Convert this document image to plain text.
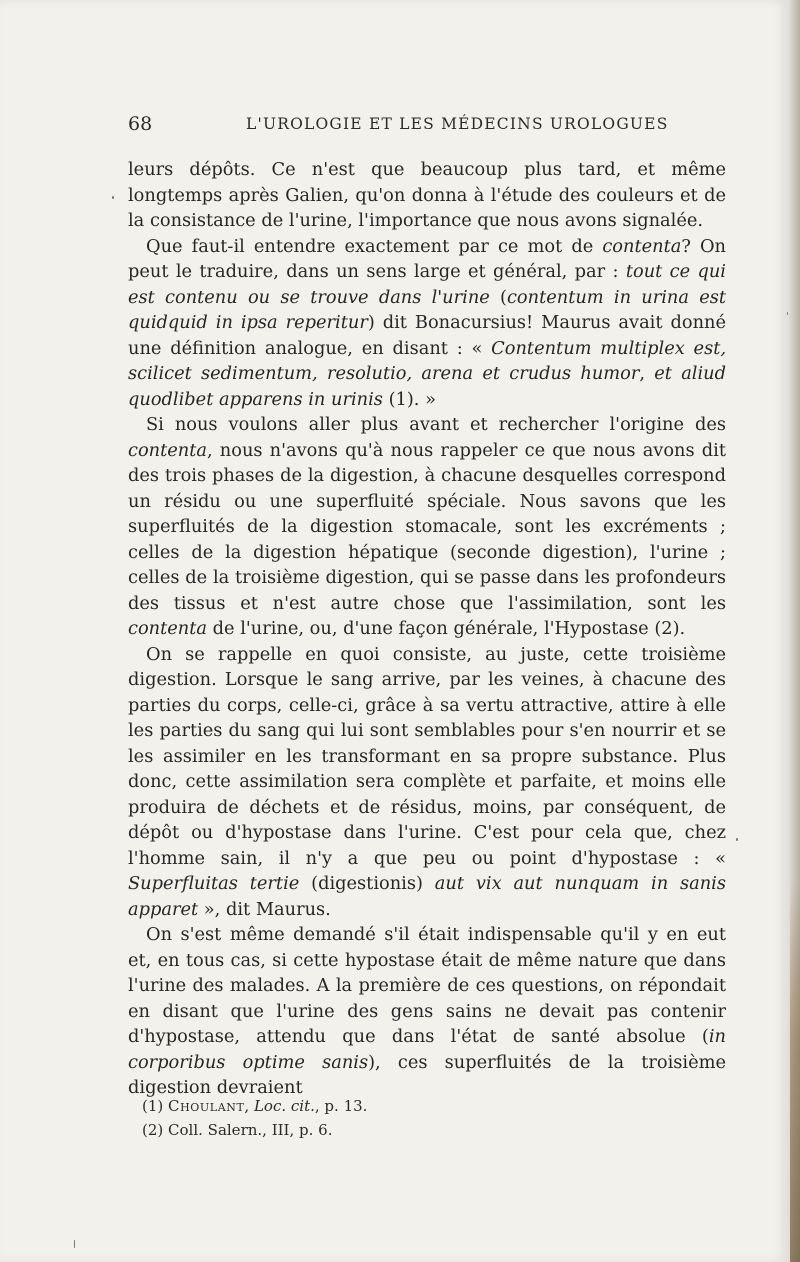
68	L'UROLOGIE ET LES MÉDECINS UROLOGUES

leurs dépôts. Ce n'est que beaucoup plus tard, et même longtemps après Galien, qu'on donna à l'étude des couleurs et de la consistance de l'urine, l'importance que nous avons signalée.

Que faut-il entendre exactement par ce mot de contenta? On peut le traduire, dans un sens large et général, par : tout ce qui est contenu ou se trouve dans l'urine (contentum in urina est quidquid in ipsa reperitur) dit Bonacursius! Maurus avait donné une définition analogue, en disant : « Contentum multiplex est, scilicet sedimentum, resolutio, arena et crudus humor, et aliud quodlibet apparens in urinis (1). »

Si nous voulons aller plus avant et rechercher l'origine des contenta, nous n'avons qu'à nous rappeler ce que nous avons dit des trois phases de la digestion, à chacune desquelles correspond un résidu ou une superfluité spéciale. Nous savons que les superfluités de la digestion stomacale, sont les excréments ; celles de la digestion hépatique (seconde digestion), l'urine ; celles de la troisième digestion, qui se passe dans les profondeurs des tissus et n'est autre chose que l'assimilation, sont les contenta de l'urine, ou, d'une façon générale, l'Hypostase (2).

On se rappelle en quoi consiste, au juste, cette troisième digestion. Lorsque le sang arrive, par les veines, à chacune des parties du corps, celle-ci, grâce à sa vertu attractive, attire à elle les parties du sang qui lui sont semblables pour s'en nourrir et se les assimiler en les transformant en sa propre substance. Plus donc, cette assimilation sera complète et parfaite, et moins elle produira de déchets et de résidus, moins, par conséquent, de dépôt ou d'hypostase dans l'urine. C'est pour cela que, chez l'homme sain, il n'y a que peu ou point d'hypostase : « Superfluitas tertie (digestionis) aut vix aut nunquam in sanis apparet », dit Maurus.

On s'est même demandé s'il était indispensable qu'il y en eut et, en tous cas, si cette hypostase était de même nature que dans l'urine des malades. A la première de ces questions, on répondait en disant que l'urine des gens sains ne devait pas contenir d'hypostase, attendu que dans l'état de santé absolue (in corporibus optime sanis), ces superfluités de la troisième digestion devraient

(1) Choulant, Loc. cit., p. 13.
(2) Coll. Salern., III, p. 6.
